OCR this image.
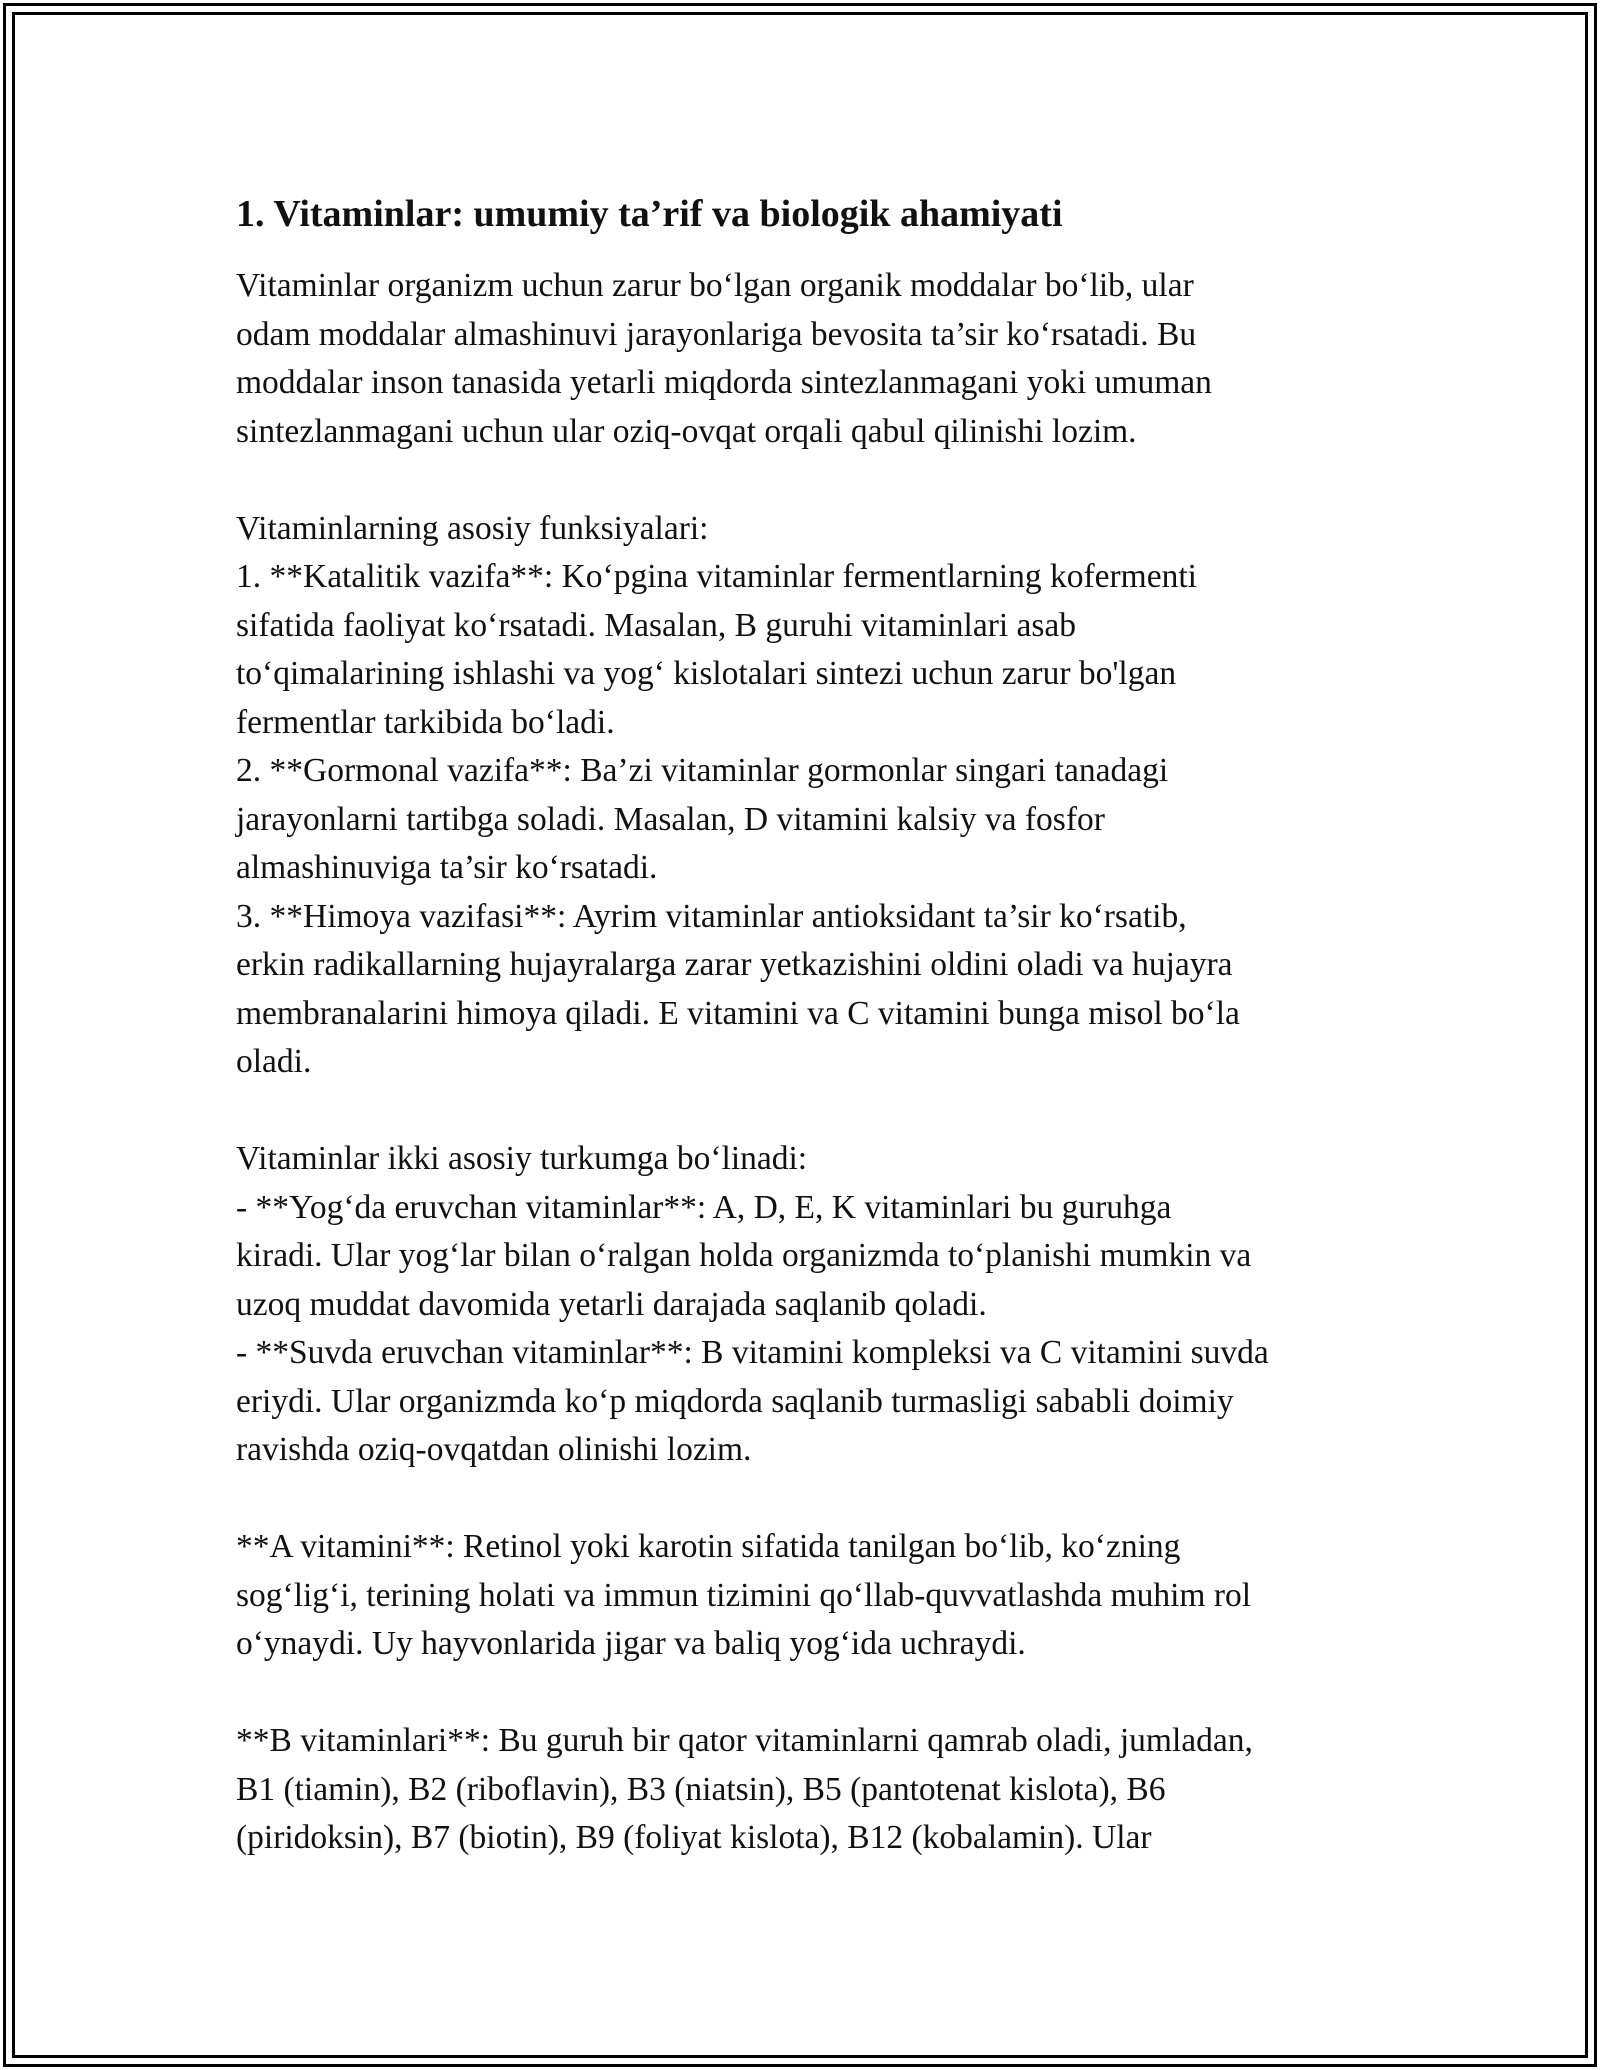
1. Vitaminlar: umumiy ta’rif va biologik ahamiyati

Vitaminlar organizm uchun zarur bo‘lgan organik moddalar bo‘lib, ular

odam moddalar almashinuvi jarayonlariga bevosita ta’sir ko‘rsatadi. Bu

moddalar inson tanasida yetarli miqdorda sintezlanmagani yoki umuman

sintezlanmagani uchun ular oziq-ovqat orqali qabul qilinishi lozim.

Vitaminlarning asosiy funksiyalari:

1. **Katalitik vazifa**: Ko‘pgina vitaminlar fermentlarning kofermenti

sifatida faoliyat ko‘rsatadi. Masalan, B guruhi vitaminlari asab

to‘qimalarining ishlashi va yog‘ kislotalari sintezi uchun zarur bo'lgan

fermentlar tarkibida bo‘ladi.

2. **Gormonal vazifa**: Ba’zi vitaminlar gormonlar singari tanadagi

jarayonlarni tartibga soladi. Masalan, D vitamini kalsiy va fosfor

almashinuviga ta’sir ko‘rsatadi.

3. **Himoya vazifasi**: Ayrim vitaminlar antioksidant ta’sir ko‘rsatib,

erkin radikallarning hujayralarga zarar yetkazishini oldini oladi va hujayra

membranalarini himoya qiladi. E vitamini va C vitamini bunga misol bo‘la

oladi.

Vitaminlar ikki asosiy turkumga bo‘linadi:

- **Yog‘da eruvchan vitaminlar**: A, D, E, K vitaminlari bu guruhga

kiradi. Ular yog‘lar bilan o‘ralgan holda organizmda to‘planishi mumkin va

uzoq muddat davomida yetarli darajada saqlanib qoladi.

- **Suvda eruvchan vitaminlar**: B vitamini kompleksi va C vitamini suvda

eriydi. Ular organizmda ko‘p miqdorda saqlanib turmasligi sababli doimiy

ravishda oziq-ovqatdan olinishi lozim.

**A vitamini**: Retinol yoki karotin sifatida tanilgan bo‘lib, ko‘zning

sog‘lig‘i, terining holati va immun tizimini qo‘llab-quvvatlashda muhim rol

o‘ynaydi. Uy hayvonlarida jigar va baliq yog‘ida uchraydi.

**B vitaminlari**: Bu guruh bir qator vitaminlarni qamrab oladi, jumladan,

B1 (tiamin), B2 (riboflavin), B3 (niatsin), B5 (pantotenat kislota), B6

(piridoksin), B7 (biotin), B9 (foliyat kislota), B12 (kobalamin). Ular
